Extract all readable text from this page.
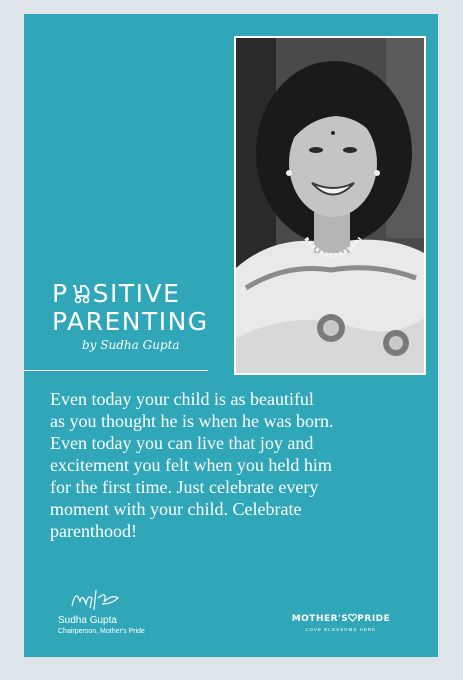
P SITIVE
PARENTING
by Sudha Gupta
Even today your child is as beautiful
as you thought he is when he was born.
Even today you can live that joy and
excitement you felt when you held him
for the first time. Just celebrate every
moment with your child. Celebrate
parenthood!
Sudha Gupta
Chairperson, Mother's Pride
MOTHER'S PRIDE
LOVE BLOSSOMS HERE
